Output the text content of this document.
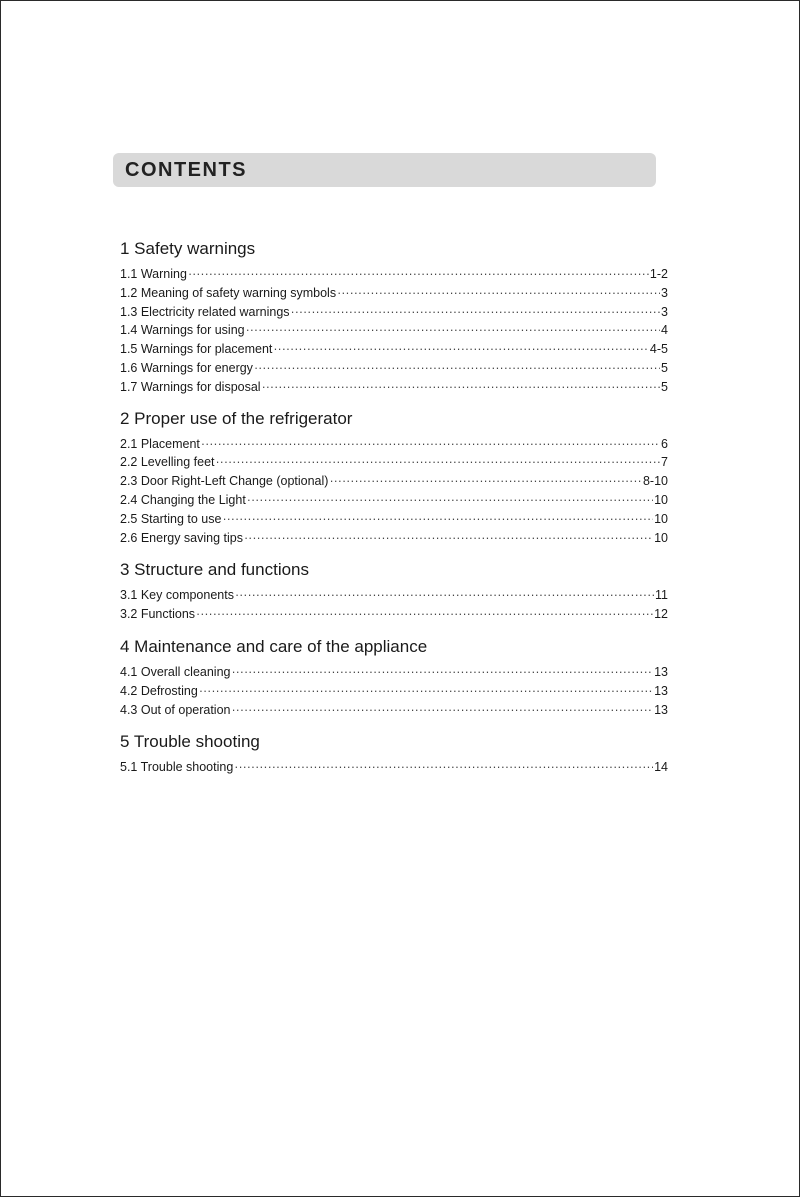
CONTENTS
1 Safety warnings
1.1 Warning ·····	1-2
1.2 Meaning of safety warning symbols ·····	3
1.3 Electricity related warnings ·····	3
1.4 Warnings for using ·····	4
1.5 Warnings for placement ·····	4-5
1.6 Warnings for energy ·····	5
1.7 Warnings for disposal ·····	5
2 Proper use of the refrigerator
2.1 Placement ·····	6
2.2 Levelling feet ·····	7
2.3 Door Right-Left Change (optional) ·····	8-10
2.4 Changing the Light ·····	10
2.5 Starting to use ·····	10
2.6 Energy saving tips ·····	10
3 Structure and functions
3.1 Key components ·····	11
3.2 Functions ·····	12
4 Maintenance and care of the appliance
4.1 Overall cleaning ·····	13
4.2 Defrosting ·····	13
4.3 Out of operation ·····	13
5 Trouble shooting
5.1 Trouble shooting ·····	14
